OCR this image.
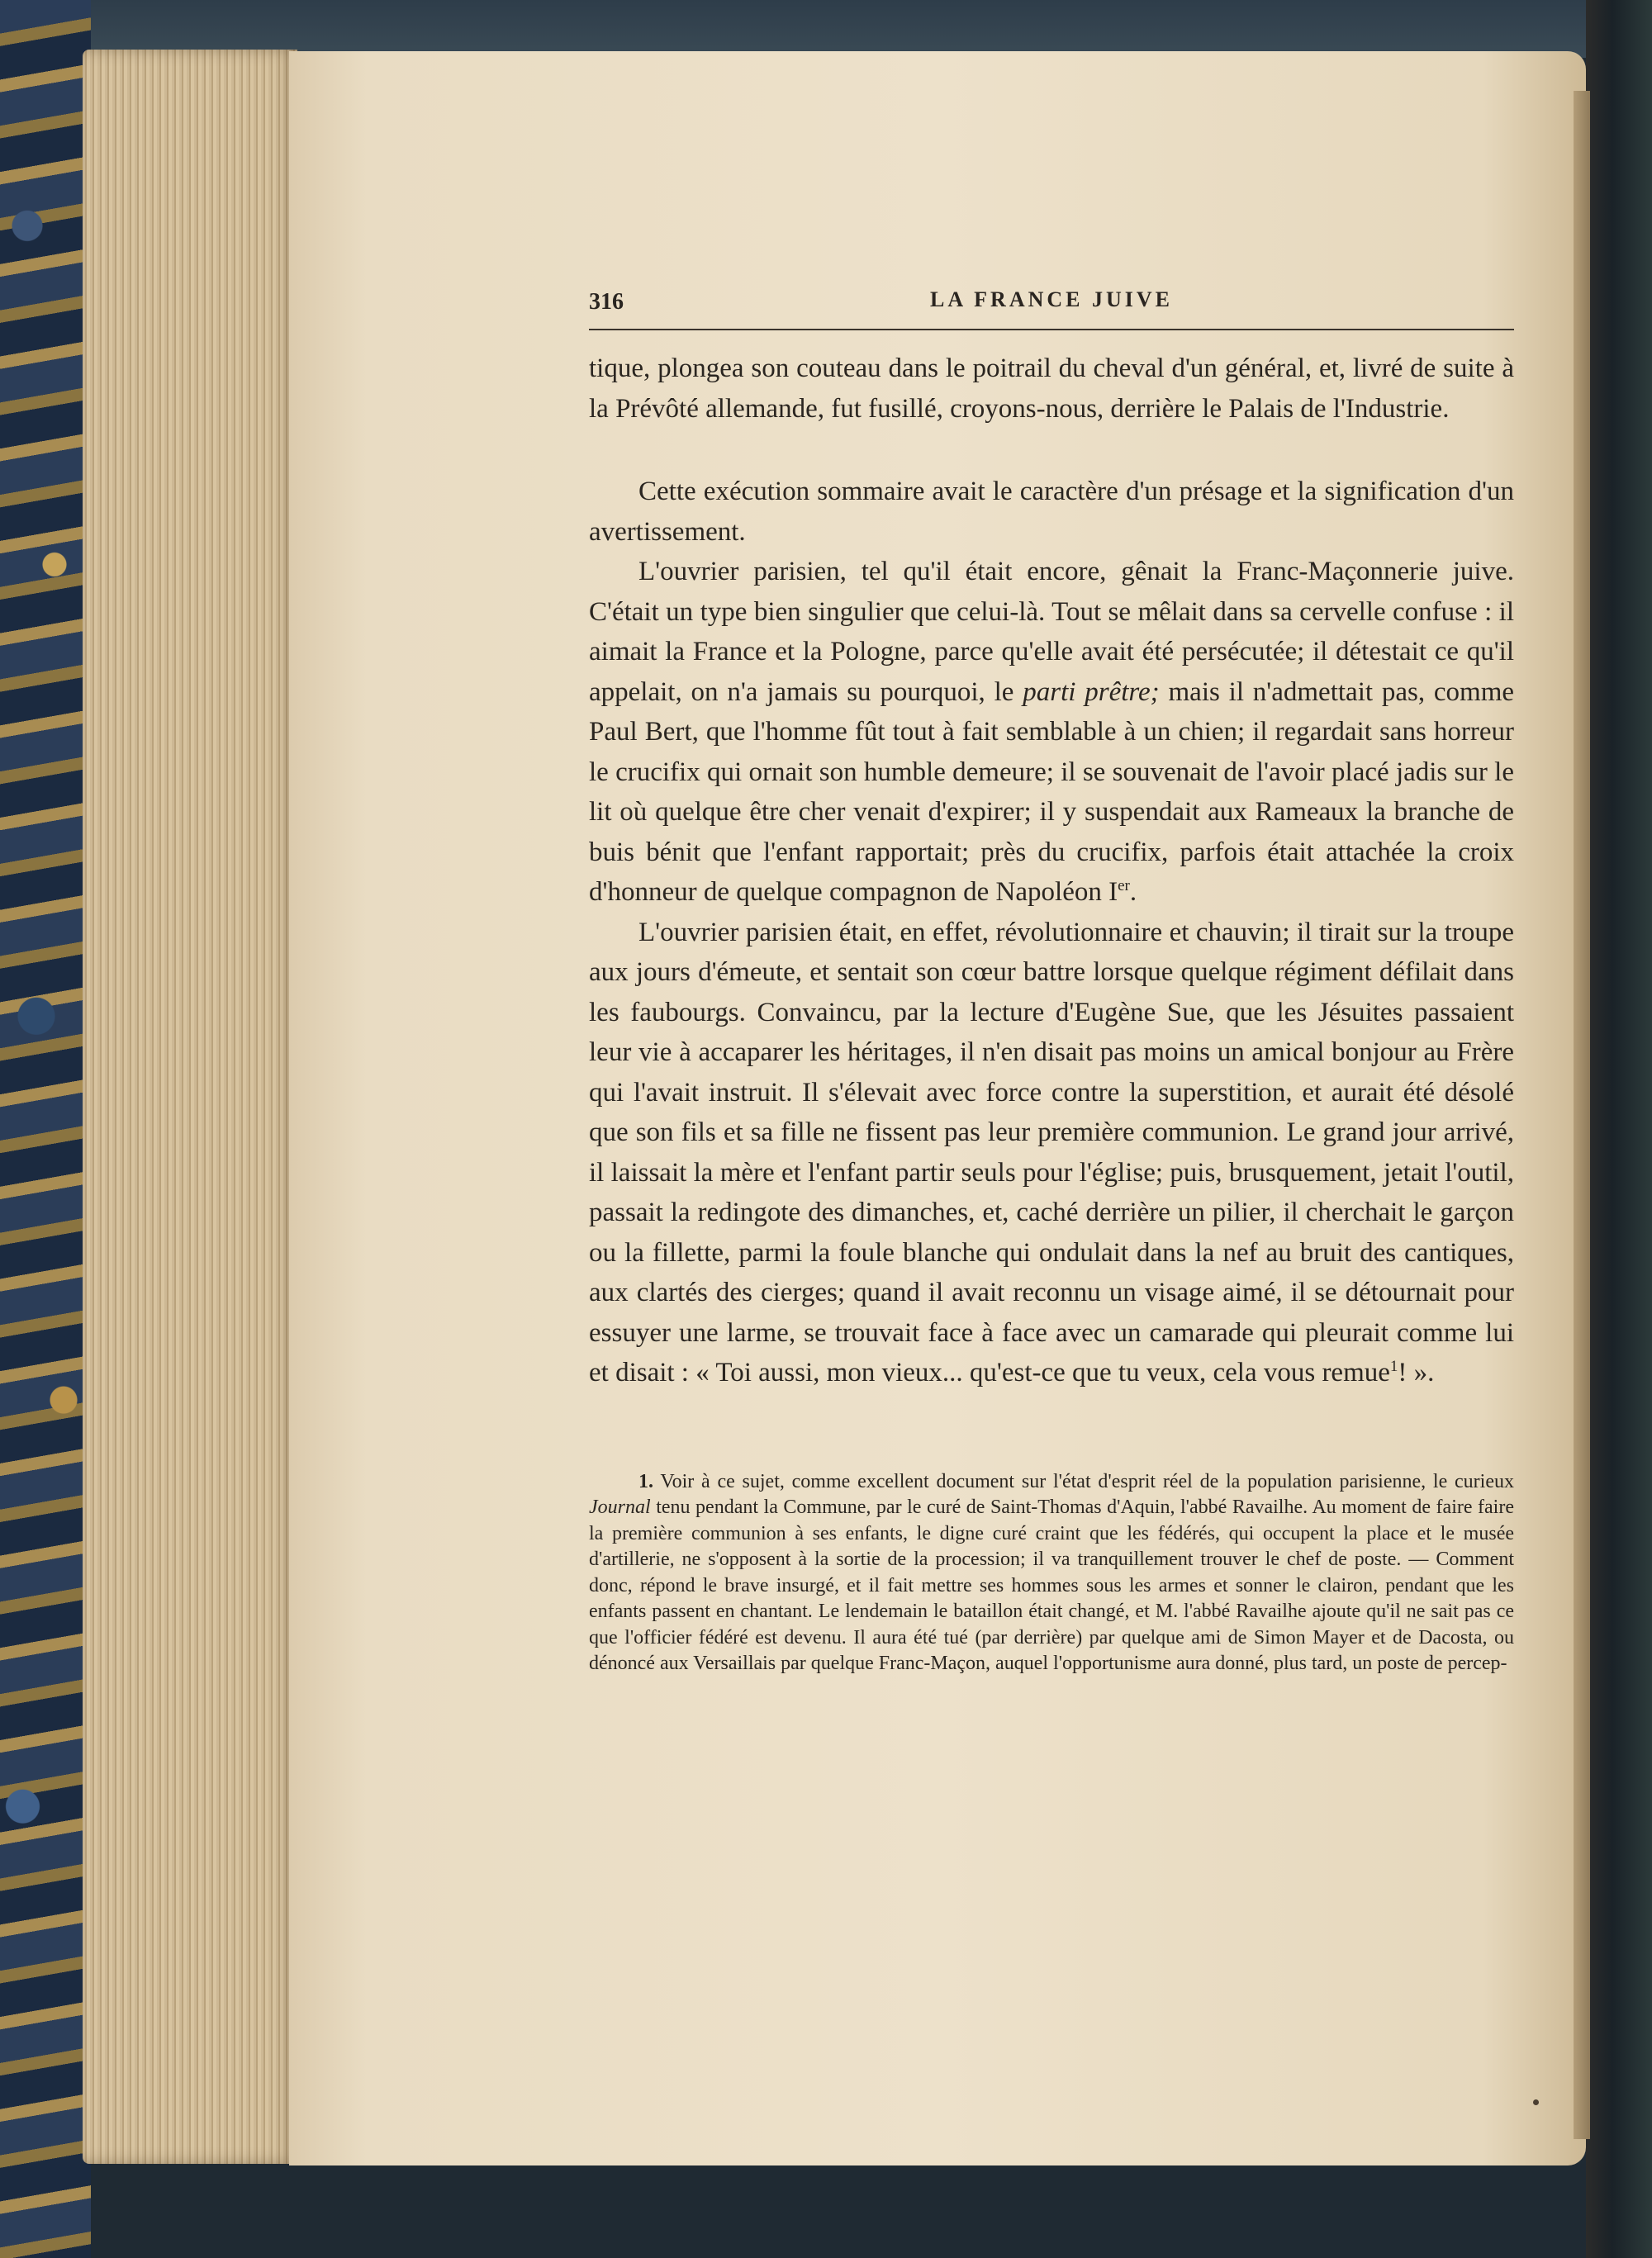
316	LA FRANCE JUIVE

tique, plongea son couteau dans le poitrail du cheval d'un général, et, livré de suite à la Prévôté allemande, fut fusillé, croyons-nous, derrière le Palais de l'Industrie.

Cette exécution sommaire avait le caractère d'un présage et la signification d'un avertissement.

L'ouvrier parisien, tel qu'il était encore, gênait la Franc-Maçonnerie juive. C'était un type bien singulier que celui-là. Tout se mêlait dans sa cervelle confuse : il aimait la France et la Pologne, parce qu'elle avait été persécutée; il détestait ce qu'il appelait, on n'a jamais su pourquoi, le parti prêtre; mais il n'admettait pas, comme Paul Bert, que l'homme fût tout à fait semblable à un chien; il regardait sans horreur le crucifix qui ornait son humble demeure; il se souvenait de l'avoir placé jadis sur le lit où quelque être cher venait d'expirer; il y suspendait aux Rameaux la branche de buis bénit que l'enfant rapportait; près du crucifix, parfois était attachée la croix d'honneur de quelque compagnon de Napoléon Ier.

L'ouvrier parisien était, en effet, révolutionnaire et chauvin; il tirait sur la troupe aux jours d'émeute, et sentait son cœur battre lorsque quelque régiment défilait dans les faubourgs. Convaincu, par la lecture d'Eugène Sue, que les Jésuites passaient leur vie à accaparer les héritages, il n'en disait pas moins un amical bonjour au Frère qui l'avait instruit. Il s'élevait avec force contre la superstition, et aurait été désolé que son fils et sa fille ne fissent pas leur première communion. Le grand jour arrivé, il laissait la mère et l'enfant partir seuls pour l'église; puis, brusquement, jetait l'outil, passait la redingote des dimanches, et, caché derrière un pilier, il cherchait le garçon ou la fillette, parmi la foule blanche qui ondulait dans la nef au bruit des cantiques, aux clartés des cierges; quand il avait reconnu un visage aimé, il se détournait pour essuyer une larme, se trouvait face à face avec un camarade qui pleurait comme lui et disait : « Toi aussi, mon vieux... qu'est-ce que tu veux, cela vous remue$^1$! ».

1. Voir à ce sujet, comme excellent document sur l'état d'esprit réel de la population parisienne, le curieux Journal tenu pendant la Commune, par le curé de Saint-Thomas d'Aquin, l'abbé Ravailhe. Au moment de faire faire la première communion à ses enfants, le digne curé craint que les fédérés, qui occupent la place et le musée d'artillerie, ne s'opposent à la sortie de la procession; il va tranquillement trouver le chef de poste. — Comment donc, répond le brave insurgé, et il fait mettre ses hommes sous les armes et sonner le clairon, pendant que les enfants passent en chantant. Le lendemain le bataillon était changé, et M. l'abbé Ravailhe ajoute qu'il ne sait pas ce que l'officier fédéré est devenu. Il aura été tué (par derrière) par quelque ami de Simon Mayer et de Dacosta, ou dénoncé aux Versaillais par quelque Franc-Maçon, auquel l'opportunisme aura donné, plus tard, un poste de percep-
